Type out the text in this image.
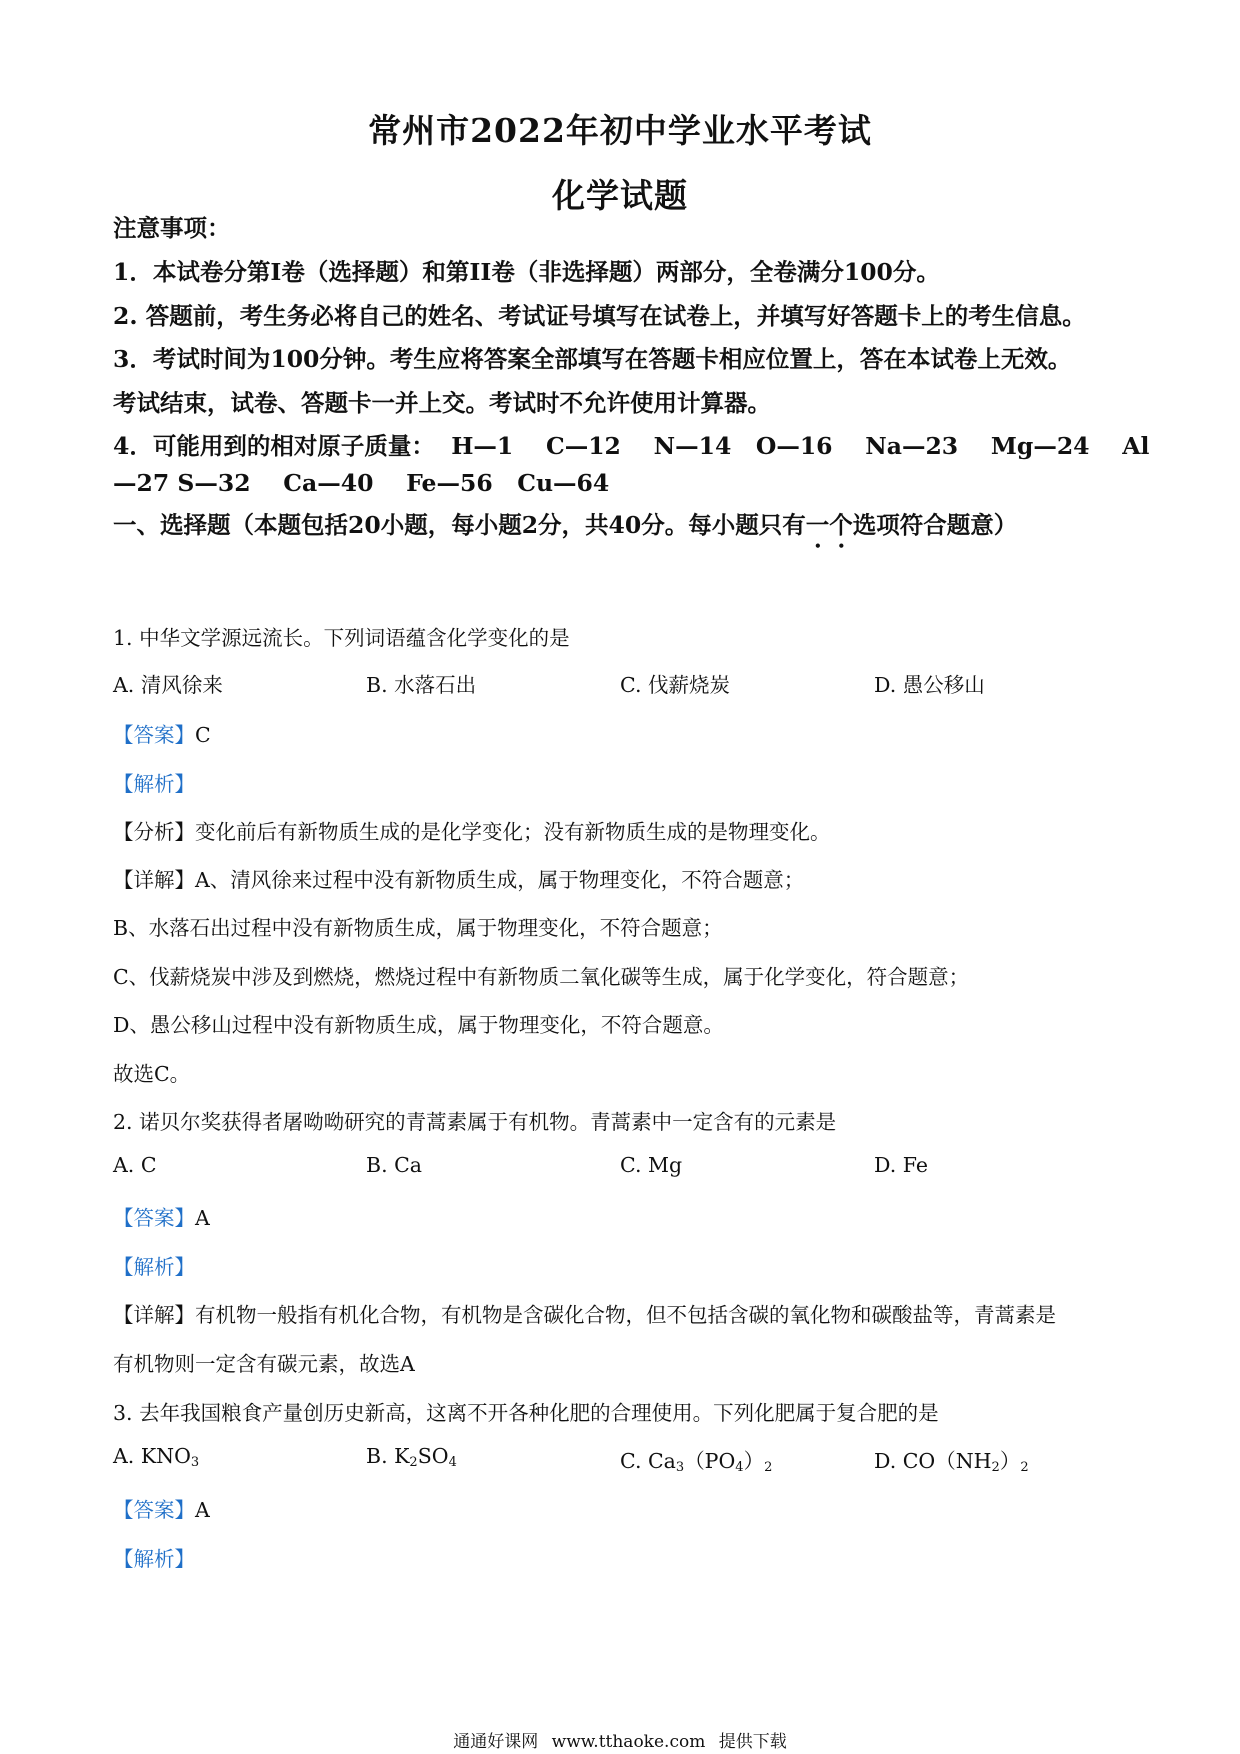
常州市2022年初中学业水平考试
化学试题
注意事项：
1．本试卷分第I卷（选择题）和第II卷（非选择题）两部分，全卷满分100分。
2. 答题前，考生务必将自己的姓名、考试证号填写在试卷上，并填写好答题卡上的考生信息。
3．考试时间为100分钟。考生应将答案全部填写在答题卡相应位置上，答在本试卷上无效。
考试结束，试卷、答题卡一并上交。考试时不允许使用计算器。
4．可能用到的相对原子质量：  H—1    C—12    N—14   O—16    Na—23    Mg—24    Al
—27 S—32    Ca—40    Fe—56   Cu—64
一、选择题（本题包括20小题，每小题2分，共40分。每小题只有一个选项符合题意）
1. 中华文学源远流长。下列词语蕴含化学变化的是
A. 清风徐来	B. 水落石出	C. 伐薪烧炭	D. 愚公移山
【答案】C
【解析】
【分析】变化前后有新物质生成的是化学变化；没有新物质生成的是物理变化。
【详解】A、清风徐来过程中没有新物质生成，属于物理变化，不符合题意；
B、水落石出过程中没有新物质生成，属于物理变化，不符合题意；
C、伐薪烧炭中涉及到燃烧，燃烧过程中有新物质二氧化碳等生成，属于化学变化，符合题意；
D、愚公移山过程中没有新物质生成，属于物理变化，不符合题意。
故选C。
2. 诺贝尔奖获得者屠呦呦研究的青蒿素属于有机物。青蒿素中一定含有的元素是
A. C	B. Ca	C. Mg	D. Fe
【答案】A
【解析】
【详解】有机物一般指有机化合物，有机物是含碳化合物，但不包括含碳的氧化物和碳酸盐等，青蒿素是
有机物则一定含有碳元素，故选A
3. 去年我国粮食产量创历史新高，这离不开各种化肥的合理使用。下列化肥属于复合肥的是
A. $KNO_3$	B. $K_2SO_4$	C. $Ca_3(PO_4)_2$	D. $CO(NH_2)_2$
【答案】A
【解析】
通通好课网 www.tthaoke.com 提供下载
